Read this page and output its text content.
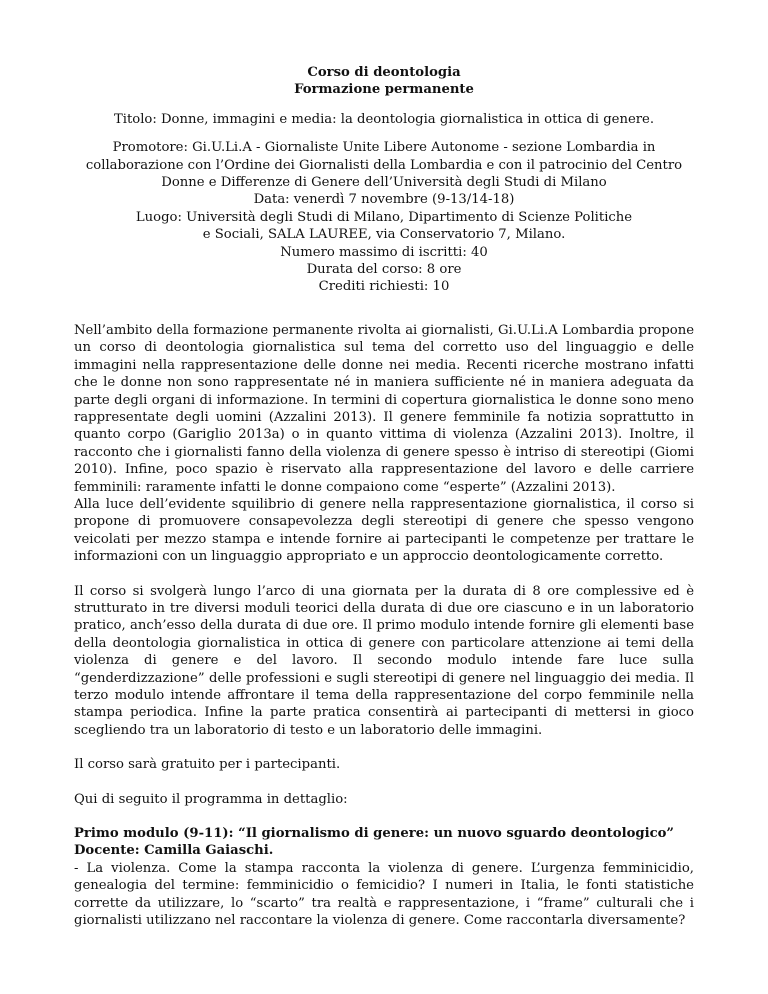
Corso di deontologia
Formazione permanente
Titolo: Donne, immagini e media: la deontologia giornalistica in ottica di genere.
Promotore: Gi.U.Li.A - Giornaliste Unite Libere Autonome - sezione Lombardia in collaborazione con l’Ordine dei Giornalisti della Lombardia e con il patrocinio del Centro Donne e Differenze di Genere dell’Università degli Studi di Milano
Data: venerdì 7 novembre (9-13/14-18)
Luogo: Università degli Studi di Milano, Dipartimento di Scienze Politiche e Sociali, SALA LAUREE, via Conservatorio 7, Milano.
Numero massimo di iscritti: 40
Durata del corso: 8 ore
Crediti richiesti: 10

Nell’ambito della formazione permanente rivolta ai giornalisti, Gi.U.Li.A Lombardia propone un corso di deontologia giornalistica sul tema del corretto uso del linguaggio e delle immagini nella rappresentazione delle donne nei media. Recenti ricerche mostrano infatti che le donne non sono rappresentate né in maniera sufficiente né in maniera adeguata da parte degli organi di informazione. In termini di copertura giornalistica le donne sono meno rappresentate degli uomini (Azzalini 2013). Il genere femminile fa notizia soprattutto in quanto corpo (Gariglio 2013a) o in quanto vittima di violenza (Azzalini 2013). Inoltre, il racconto che i giornalisti fanno della violenza di genere spesso è intriso di stereotipi (Giomi 2010). Infine, poco spazio è riservato alla rappresentazione del lavoro e delle carriere femminili: raramente infatti le donne compaiono come “esperte” (Azzalini 2013).

Alla luce dell’evidente squilibrio di genere nella rappresentazione giornalistica, il corso si propone di promuovere consapevolezza degli stereotipi di genere che spesso vengono veicolati per mezzo stampa e intende fornire ai partecipanti le competenze per trattare le informazioni con un linguaggio appropriato e un approccio deontologicamente corretto.

Il corso si svolgerà lungo l’arco di una giornata per la durata di 8 ore complessive ed è strutturato in tre diversi moduli teorici della durata di due ore ciascuno e in un laboratorio pratico, anch’esso della durata di due ore. Il primo modulo intende fornire gli elementi base della deontologia giornalistica in ottica di genere con particolare attenzione ai temi della violenza di genere e del lavoro. Il secondo modulo intende fare luce sulla “genderdizzazione” delle professioni e sugli stereotipi di genere nel linguaggio dei media. Il terzo modulo intende affrontare il tema della rappresentazione del corpo femminile nella stampa periodica. Infine la parte pratica consentirà ai partecipanti di mettersi in gioco scegliendo tra un laboratorio di testo e un laboratorio delle immagini.

Il corso sarà gratuito per i partecipanti.

Qui di seguito il programma in dettaglio:

Primo modulo (9-11): “Il giornalismo di genere: un nuovo sguardo deontologico”

Docente: Camilla Gaiaschi.

- La violenza. Come la stampa racconta la violenza di genere. L’urgenza femminicidio, genealogia del termine: femminicidio o femicidio? I numeri in Italia, le fonti statistiche corrette da utilizzare, lo “scarto” tra realtà e rappresentazione, i “frame” culturali che i giornalisti utilizzano nel raccontare la violenza di genere. Come raccontarla diversamente?
